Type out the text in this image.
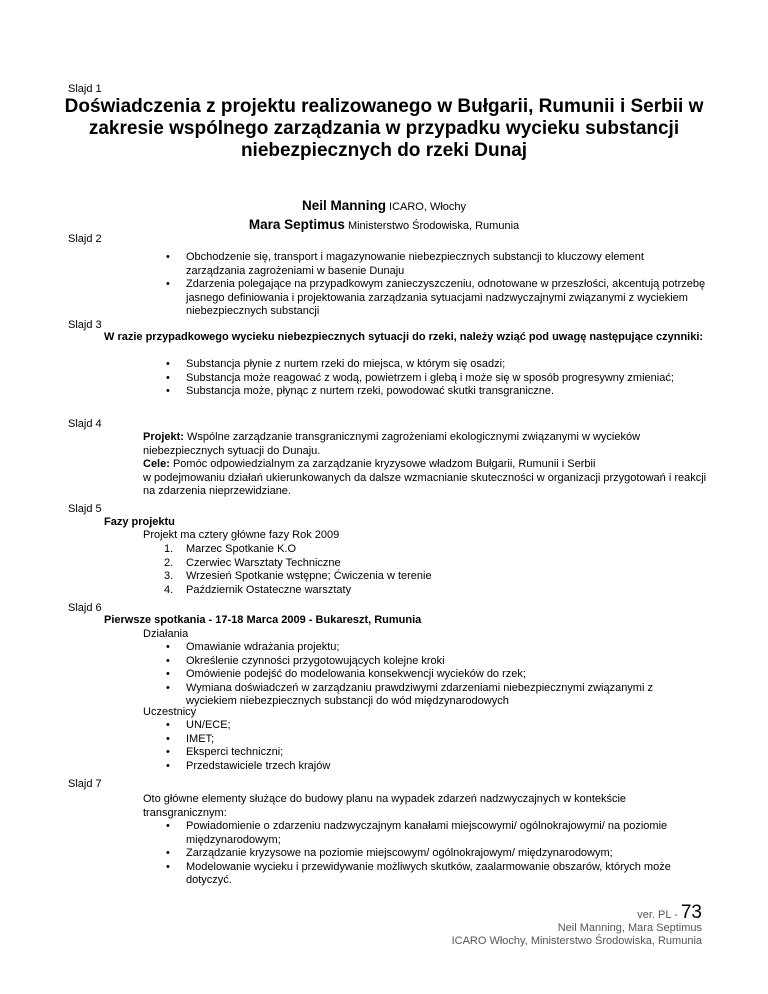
Slajd 1
Doświadczenia z projektu realizowanego w Bułgarii, Rumunii i Serbii w zakresie wspólnego zarządzania w przypadku wycieku substancji niebezpiecznych do rzeki Dunaj
Neil Manning ICARO, Włochy
Mara Septimus Ministerstwo Środowiska, Rumunia
Slajd 2
• Obchodzenie się, transport i magazynowanie niebezpiecznych substancji to kluczowy element zarządzania zagrożeniami w basenie Dunaju
• Zdarzenia polegające na przypadkowym zanieczyszczeniu, odnotowane w przeszłości, akcentują potrzebę jasnego definiowania i projektowania zarządzania sytuacjami nadzwyczajnymi związanymi z wyciekiem niebezpiecznych substancji
Slajd 3
W razie przypadkowego wycieku niebezpiecznych sytuacji do rzeki, należy wziąć pod uwagę następujące czynniki:
• Substancja płynie z nurtem rzeki do miejsca, w którym się osadzi;
• Substancja może reagować z wodą, powietrzem i glebą i może się w sposób progresywny zmieniać;
• Substancja może, płynąc z nurtem rzeki, powodować skutki transgraniczne.
Slajd 4
Projekt: Wspólne zarządzanie transgranicznymi zagrożeniami ekologicznymi związanymi w wycieków niebezpiecznych sytuacji do Dunaju.
Cele: Pomóc odpowiedzialnym za zarządzanie kryzysowe władzom Bułgarii, Rumunii i Serbii
w podejmowaniu działań ukierunkowanych da dalsze wzmacnianie skuteczności w organizacji przygotowań i reakcji na zdarzenia nieprzewidziane.
Slajd 5
Fazy projektu
Projekt ma cztery główne fazy Rok 2009
1. Marzec Spotkanie K.O
2. Czerwiec Warsztaty Techniczne
3. Wrzesień Spotkanie wstępne; Ćwiczenia w terenie
4. Październik Ostateczne warsztaty
Slajd 6
Pierwsze spotkania - 17-18 Marca 2009 - Bukareszt, Rumunia
Działania
• Omawianie wdrażania projektu;
• Określenie czynności przygotowujących kolejne kroki
• Omówienie podejść do modelowania konsekwencji wycieków do rzek;
• Wymiana doświadczeń w zarządzaniu prawdziwymi zdarzeniami niebezpiecznymi związanymi z wyciekiem niebezpiecznych substancji do wód międzynarodowych
Uczestnicy
• UN/ECE;
• IMET;
• Eksperci techniczni;
• Przedstawiciele trzech krajów
Slajd 7
Oto główne elementy służące do budowy planu na wypadek zdarzeń nadzwyczajnych w kontekście transgranicznym:
• Powiadomienie o zdarzeniu nadzwyczajnym kanałami miejscowymi/ ogólnokrajowymi/ na poziomie międzynarodowym;
• Zarządzanie kryzysowe na poziomie miejscowym/ ogólnokrajowym/ międzynarodowym;
• Modelowanie wycieku i przewidywanie możliwych skutków, zaalarmowanie obszarów, których może dotyczyć.
ver. PL - 73
Neil Manning, Mara Septimus
ICARO Włochy, Ministerstwo Środowiska, Rumunia
